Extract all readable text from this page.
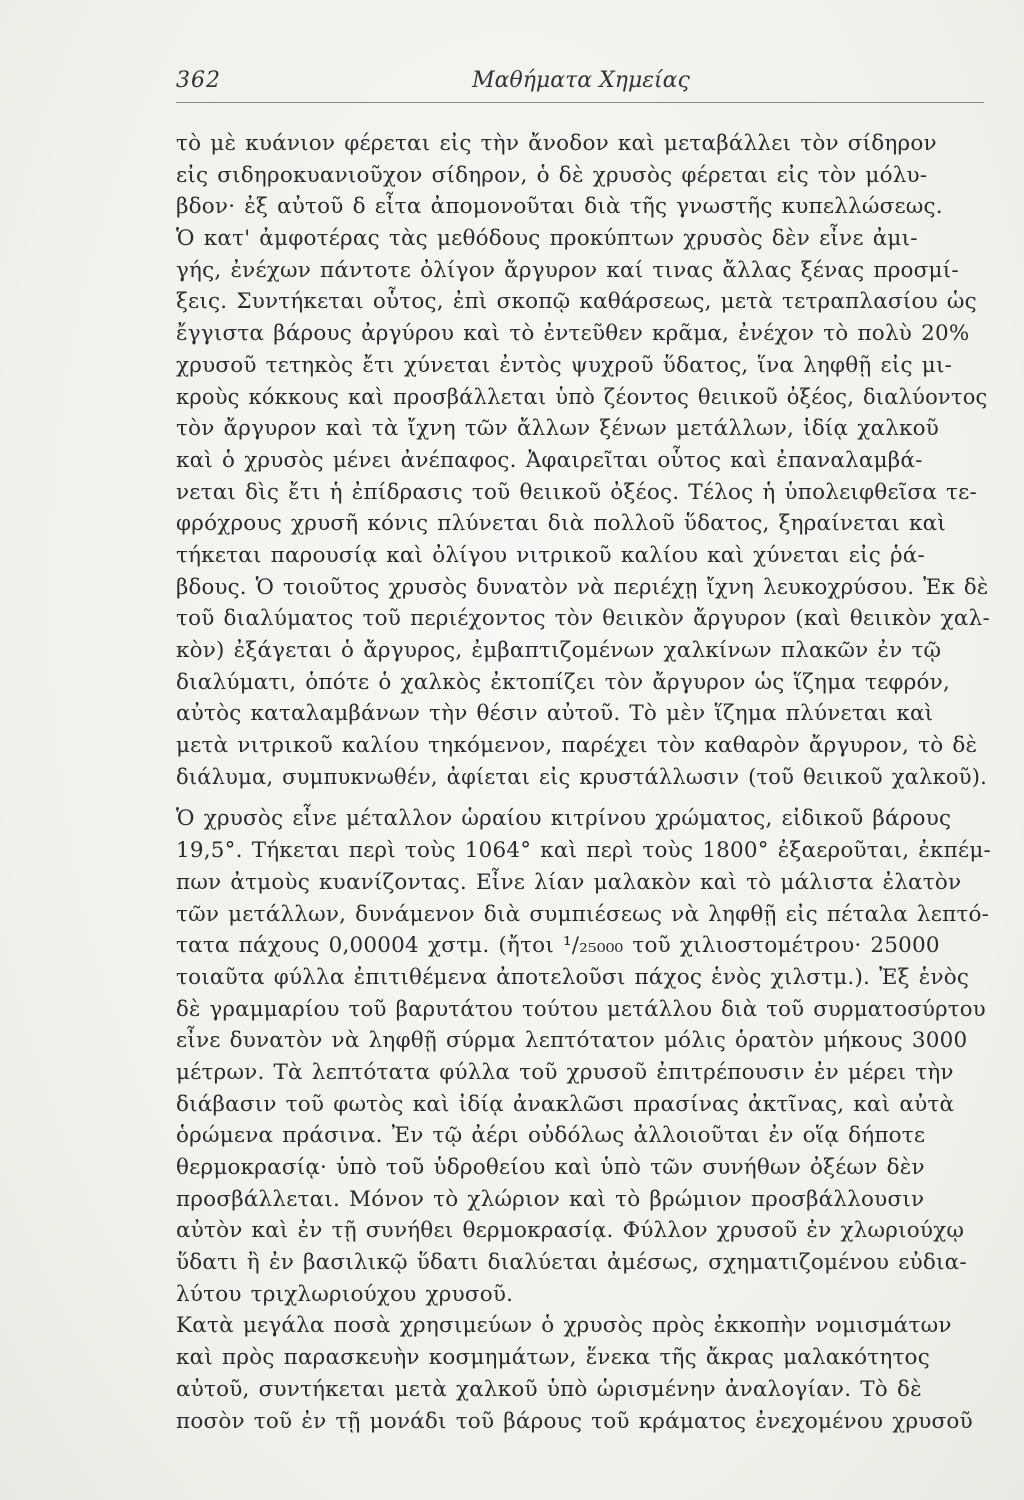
362	Μαθήματα Χημείας

τὸ μὲ κυάνιον φέρεται εἰς τὴν ἄνοδον καὶ μεταβάλλει τὸν σίδηρον
εἰς σιδηροκυανιοῦχον σίδηρον, ὁ δὲ χρυσὸς φέρεται εἰς τὸν μόλυ-
βδον· ἐξ αὐτοῦ δ εἶτα ἀπομονοῦται διὰ τῆς γνωστῆς κυπελλώσεως.
Ὁ κατ' ἀμφοτέρας τὰς μεθόδους προκύπτων χρυσὸς δὲν εἶνε ἀμι-
γής, ἐνέχων πάντοτε ὀλίγον ἄργυρον καί τινας ἄλλας ξένας προσμί-
ξεις. Συντήκεται οὗτος, ἐπὶ σκοπῷ καθάρσεως, μετὰ τετραπλασίου ὡς
ἔγγιστα βάρους ἀργύρου καὶ τὸ ἐντεῦθεν κρᾶμα, ἐνέχον τὸ πολὺ 20%
χρυσοῦ τετηκὸς ἔτι χύνεται ἐντὸς ψυχροῦ ὕδατος, ἵνα ληφθῇ εἰς μι-
κροὺς κόκκους καὶ προσβάλλεται ὑπὸ ζέοντος θειικοῦ ὀξέος, διαλύοντος
τὸν ἄργυρον καὶ τὰ ἴχνη τῶν ἄλλων ξένων μετάλλων, ἰδίᾳ χαλκοῦ
καὶ ὁ χρυσὸς μένει ἀνέπαφος. Ἀφαιρεῖται οὗτος καὶ ἐπαναλαμβά-
νεται δὶς ἔτι ἡ ἐπίδρασις τοῦ θειικοῦ ὀξέος. Τέλος ἡ ὑπολειφθεῖσα τε-
φρόχρους χρυσῆ κόνις πλύνεται διὰ πολλοῦ ὕδατος, ξηραίνεται καὶ
τήκεται παρουσίᾳ καὶ ὀλίγου νιτρικοῦ καλίου καὶ χύνεται εἰς ῥά-
βδους. Ὁ τοιοῦτος χρυσὸς δυνατὸν νὰ περιέχῃ ἴχνη λευκοχρύσου. Ἐκ δὲ
τοῦ διαλύματος τοῦ περιέχοντος τὸν θειικὸν ἄργυρον (καὶ θειικὸν χαλ-
κὸν) ἐξάγεται ὁ ἄργυρος, ἐμβαπτιζομένων χαλκίνων πλακῶν ἐν τῷ
διαλύματι, ὁπότε ὁ χαλκὸς ἐκτοπίζει τὸν ἄργυρον ὡς ἵζημα τεφρόν,
αὐτὸς καταλαμβάνων τὴν θέσιν αὐτοῦ. Τὸ μὲν ἵζημα πλύνεται καὶ
μετὰ νιτρικοῦ καλίου τηκόμενον, παρέχει τὸν καθαρὸν ἄργυρον, τὸ δὲ
διάλυμα, συμπυκνωθέν, ἀφίεται εἰς κρυστάλλωσιν (τοῦ θειικοῦ χαλκοῦ).

Ὁ χρυσὸς εἶνε μέταλλον ὡραίου κιτρίνου χρώματος, εἰδικοῦ βάρους
19,5°. Τήκεται περὶ τοὺς 1064° καὶ περὶ τοὺς 1800° ἐξαεροῦται, ἐκπέμ-
πων ἀτμοὺς κυανίζοντας. Εἶνε λίαν μαλακὸν καὶ τὸ μάλιστα ἐλατὸν
τῶν μετάλλων, δυνάμενον διὰ συμπιέσεως νὰ ληφθῇ εἰς πέταλα λεπτό-
τατα πάχους 0,00004 χστμ. (ἤτοι ¹/₂₅₀₀₀ τοῦ χιλιοστομέτρου· 25000
τοιαῦτα φύλλα ἐπιτιθέμενα ἀποτελοῦσι πάχος ἑνὸς χιλστμ.). Ἐξ ἑνὸς
δὲ γραμμαρίου τοῦ βαρυτάτου τούτου μετάλλου διὰ τοῦ συρματοσύρτου
εἶνε δυνατὸν νὰ ληφθῇ σύρμα λεπτότατον μόλις ὁρατὸν μήκους 3000
μέτρων. Τὰ λεπτότατα φύλλα τοῦ χρυσοῦ ἐπιτρέπουσιν ἐν μέρει τὴν
διάβασιν τοῦ φωτὸς καὶ ἰδίᾳ ἀνακλῶσι πρασίνας ἀκτῖνας, καὶ αὐτὰ
ὁρώμενα πράσινα. Ἐν τῷ ἀέρι οὐδόλως ἀλλοιοῦται ἐν οἵᾳ δήποτε
θερμοκρασίᾳ· ὑπὸ τοῦ ὑδροθείου καὶ ὑπὸ τῶν συνήθων ὀξέων δὲν
προσβάλλεται. Μόνον τὸ χλώριον καὶ τὸ βρώμιον προσβάλλουσιν
αὐτὸν καὶ ἐν τῇ συνήθει θερμοκρασίᾳ. Φύλλον χρυσοῦ ἐν χλωριούχῳ
ὕδατι ἢ ἐν βασιλικῷ ὕδατι διαλύεται ἀμέσως, σχηματιζομένου εὐδια-
λύτου τριχλωριούχου χρυσοῦ.

Κατὰ μεγάλα ποσὰ χρησιμεύων ὁ χρυσὸς πρὸς ἐκκοπὴν νομισμάτων
καὶ πρὸς παρασκευὴν κοσμημάτων, ἕνεκα τῆς ἄκρας μαλακότητος
αὐτοῦ, συντήκεται μετὰ χαλκοῦ ὑπὸ ὡρισμένην ἀναλογίαν. Τὸ δὲ
ποσὸν τοῦ ἐν τῇ μονάδι τοῦ βάρους τοῦ κράματος ἐνεχομένου χρυσοῦ
